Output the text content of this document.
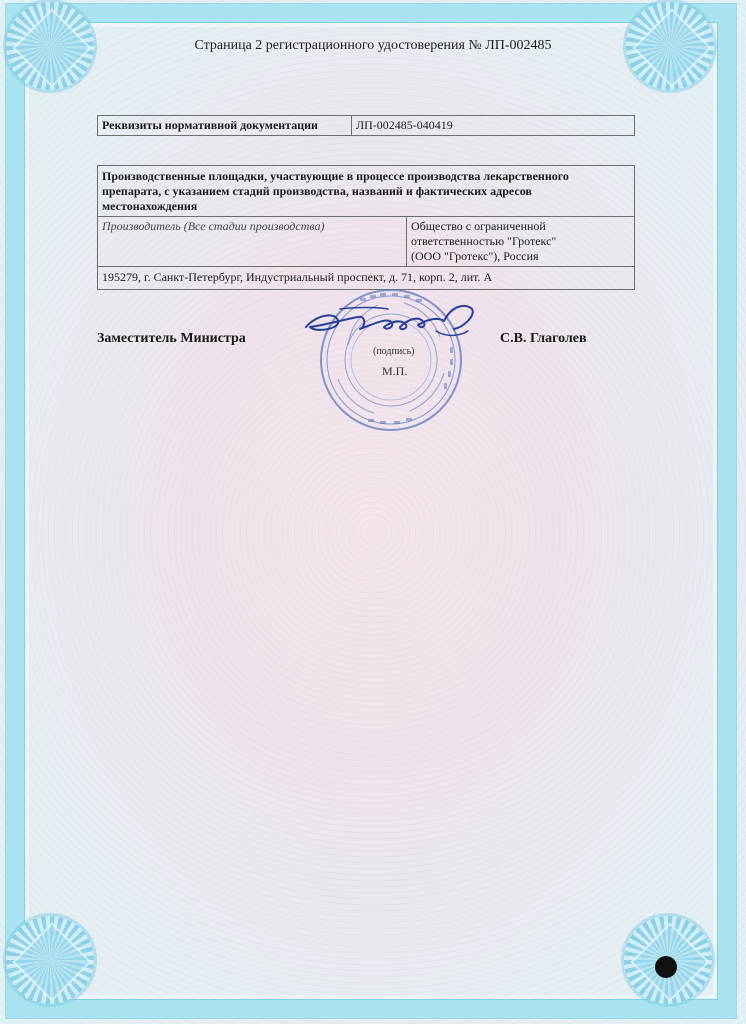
Страница 2 регистрационного удостоверения № ЛП-002485
Реквизиты нормативной документации	ЛП-002485-040419
Производственные площадки, участвующие в процессе производства лекарственного препарата, с указанием стадий производства, названий и фактических адресов местонахождения
Производитель (Все стадии производства)	Общество с ограниченной
ответственностью "Гротекс"
(ООО "Гротекс"), Россия

195279, г. Санкт-Петербург, Индустриальный проспект, д. 71, корп. 2, лит. А
Заместитель Министра	С.В. Глаголев
(подпись)
М.П.
